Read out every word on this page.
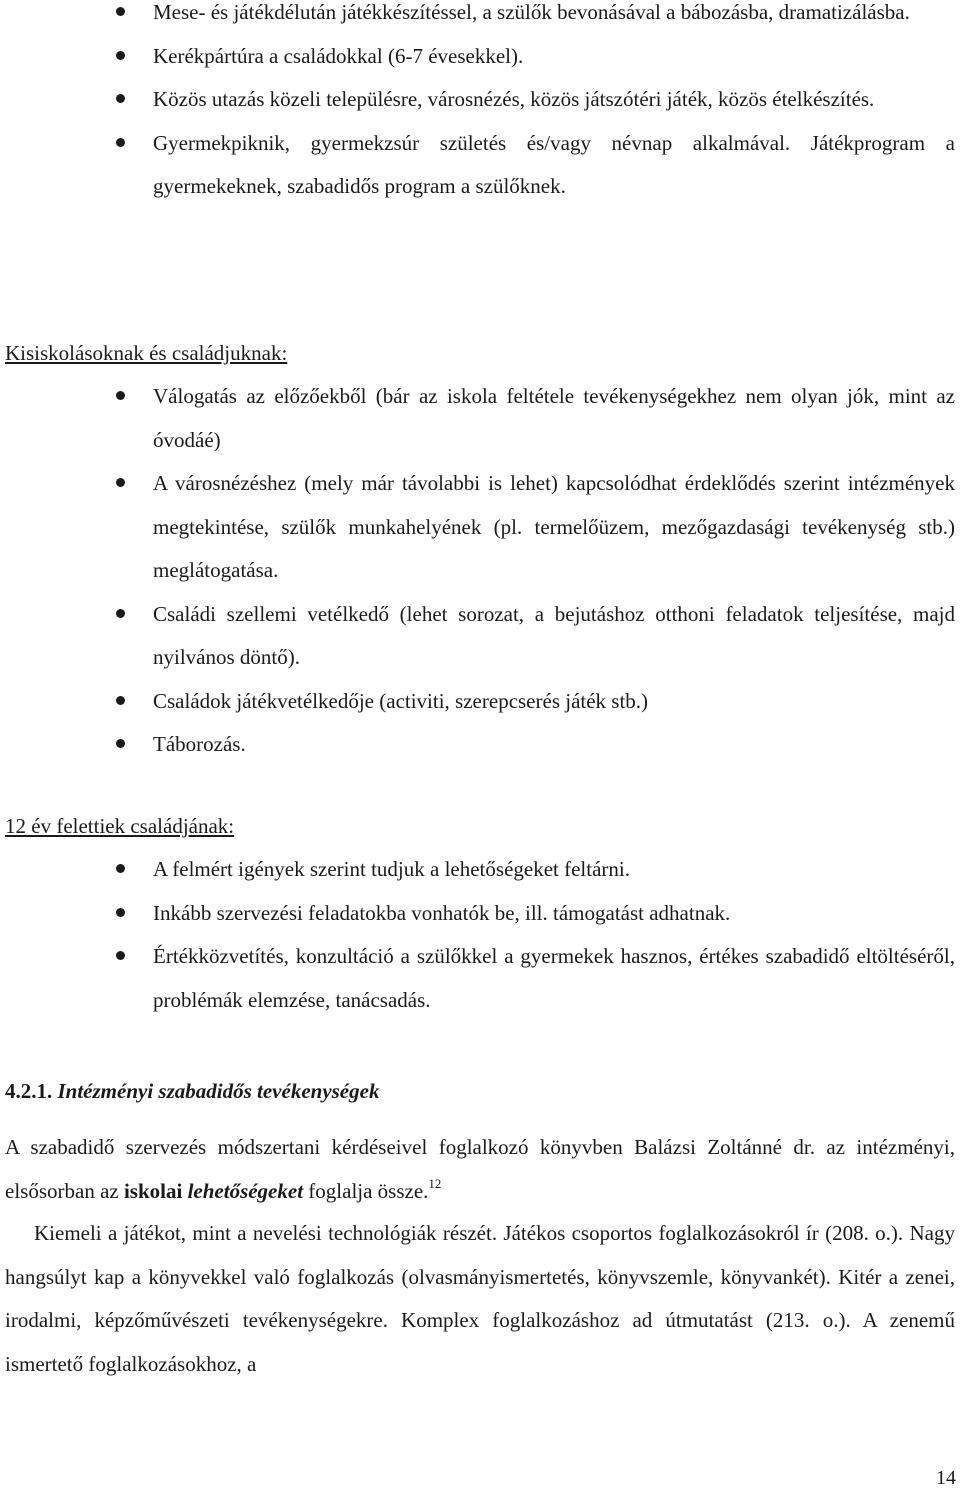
Mese- és játékdélután játékkészítéssel, a szülők bevonásával a bábozásba, dramatizálásba.
Kerékpártúra a családokkal (6-7 évesekkel).
Közös utazás közeli településre, városnézés, közös játszótéri játék, közös ételkészítés.
Gyermekpiknik, gyermekzsúr születés és/vagy névnap alkalmával. Játékprogram a gyermekeknek, szabadidős program a szülőknek.
Kisiskolásoknak és családjuknak:
Válogatás az előzőekből (bár az iskola feltétele tevékenységekhez nem olyan jók, mint az óvodáé)
A városnézéshez (mely már távolabbi is lehet) kapcsolódhat érdeklődés szerint intézmények megtekintése, szülők munkahelyének (pl. termelőüzem, mezőgazdasági tevékenység stb.) meglátogatása.
Családi szellemi vetélkedő (lehet sorozat, a bejutáshoz otthoni feladatok teljesítése, majd nyilvános döntő).
Családok játékvetélkedője (activiti, szerepcserés játék stb.)
Táborozás.
12 év felettiek családjának:
A felmért igények szerint tudjuk a lehetőségeket feltárni.
Inkább szervezési feladatokba vonhatók be, ill. támogatást adhatnak.
Értékközvetítés, konzultáció a szülőkkel a gyermekek hasznos, értékes szabadidő eltöltéséről, problémák elemzése, tanácsadás.
4.2.1. Intézményi szabadidős tevékenységek
A szabadidő szervezés módszertani kérdéseivel foglalkozó könyvben Balázsi Zoltánné dr. az intézményi, elsősorban az iskolai lehetőségeket foglalja össze.$^{12}$
Kiemeli a játékot, mint a nevelési technológiák részét. Játékos csoportos foglalkozásokról ír (208. o.). Nagy hangsúlyt kap a könyvekkel való foglalkozás (olvasmányismertetés, könyvszemle, könyvankét). Kitér a zenei, irodalmi, képzőművészeti tevékenységekre. Komplex foglalkozáshoz ad útmutatást (213. o.). A zenemű ismertető foglalkozásokhoz, a
14
